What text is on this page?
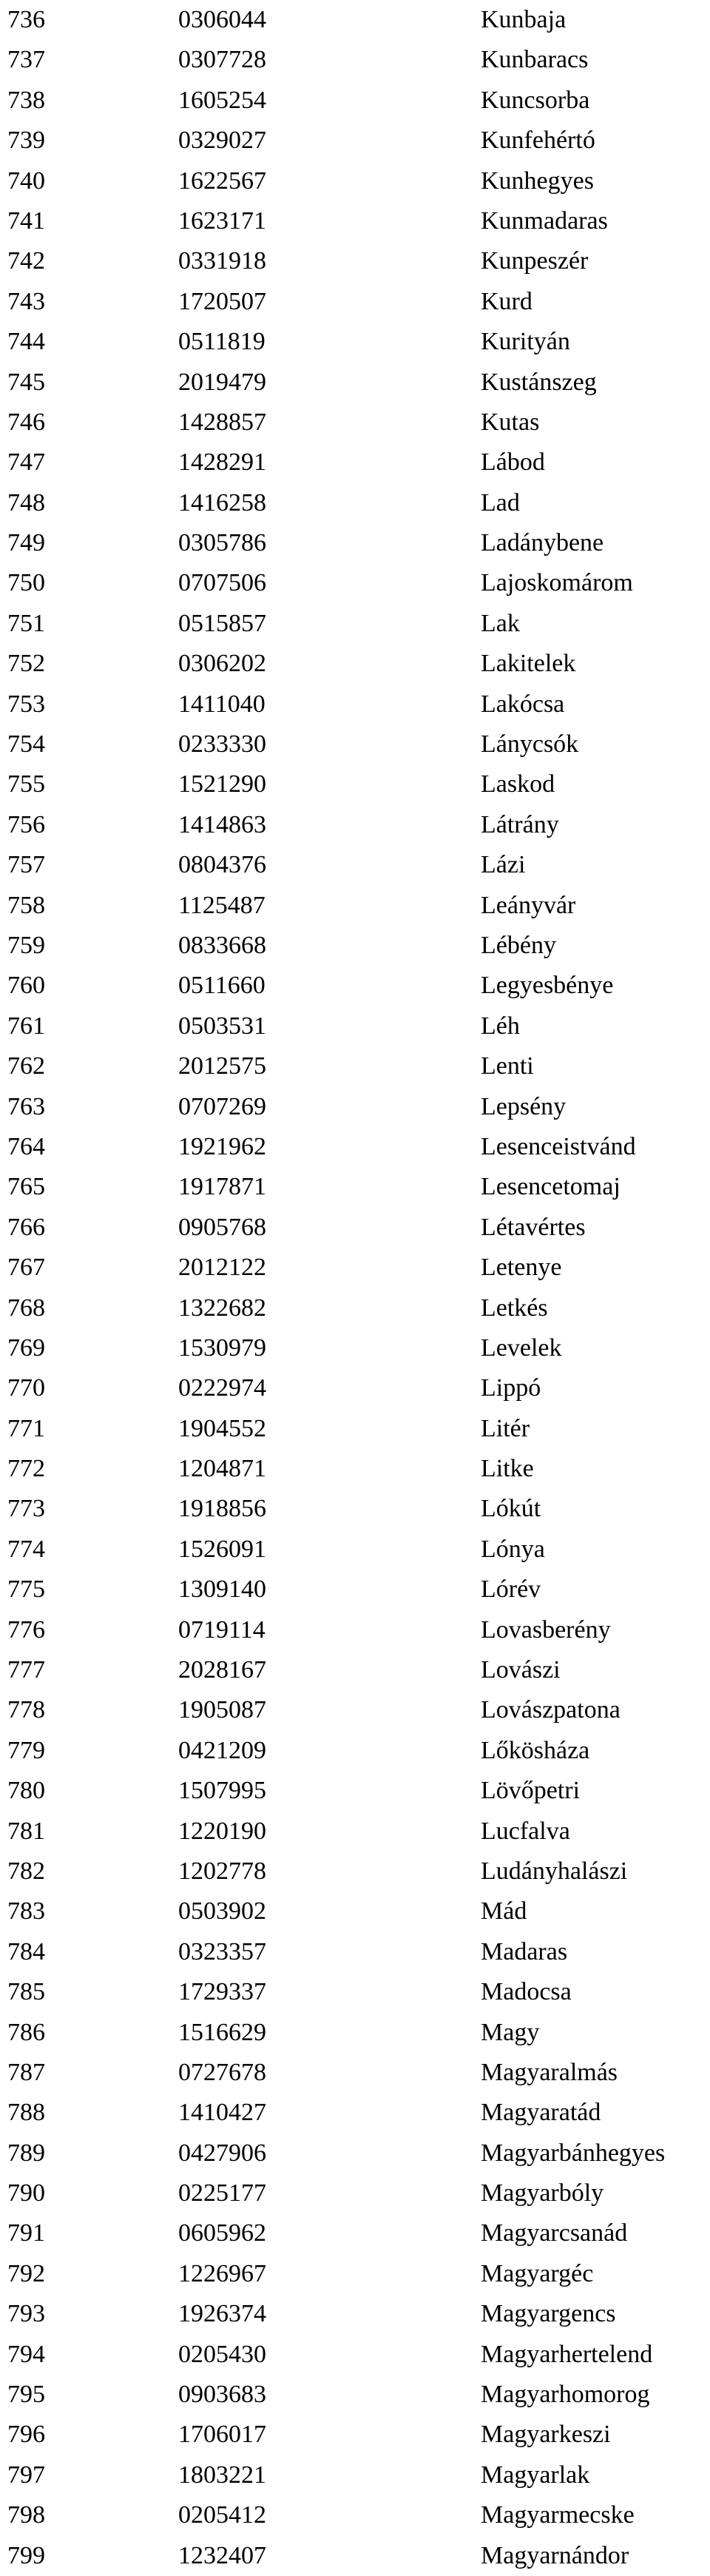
736	0306044	Kunbaja
737	0307728	Kunbaracs
738	1605254	Kuncsorba
739	0329027	Kunfehértó
740	1622567	Kunhegyes
741	1623171	Kunmadaras
742	0331918	Kunpeszér
743	1720507	Kurd
744	0511819	Kurityán
745	2019479	Kustánszeg
746	1428857	Kutas
747	1428291	Lábod
748	1416258	Lad
749	0305786	Ladánybene
750	0707506	Lajoskomárom
751	0515857	Lak
752	0306202	Lakitelek
753	1411040	Lakócsa
754	0233330	Lánycsók
755	1521290	Laskod
756	1414863	Látrány
757	0804376	Lázi
758	1125487	Leányvár
759	0833668	Lébény
760	0511660	Legyesbénye
761	0503531	Léh
762	2012575	Lenti
763	0707269	Lepsény
764	1921962	Lesenceistvánd
765	1917871	Lesencetomaj
766	0905768	Létavértes
767	2012122	Letenye
768	1322682	Letkés
769	1530979	Levelek
770	0222974	Lippó
771	1904552	Litér
772	1204871	Litke
773	1918856	Lókút
774	1526091	Lónya
775	1309140	Lórév
776	0719114	Lovasberény
777	2028167	Lovászi
778	1905087	Lovászpatona
779	0421209	Lőkösháza
780	1507995	Lövőpetri
781	1220190	Lucfalva
782	1202778	Ludányhalászi
783	0503902	Mád
784	0323357	Madaras
785	1729337	Madocsa
786	1516629	Magy
787	0727678	Magyaralmás
788	1410427	Magyaratád
789	0427906	Magyarbánhegyes
790	0225177	Magyarbóly
791	0605962	Magyarcsanád
792	1226967	Magyargéc
793	1926374	Magyargencs
794	0205430	Magyarhertelend
795	0903683	Magyarhomorog
796	1706017	Magyarkeszi
797	1803221	Magyarlak
798	0205412	Magyarmecske
799	1232407	Magyarnándor
